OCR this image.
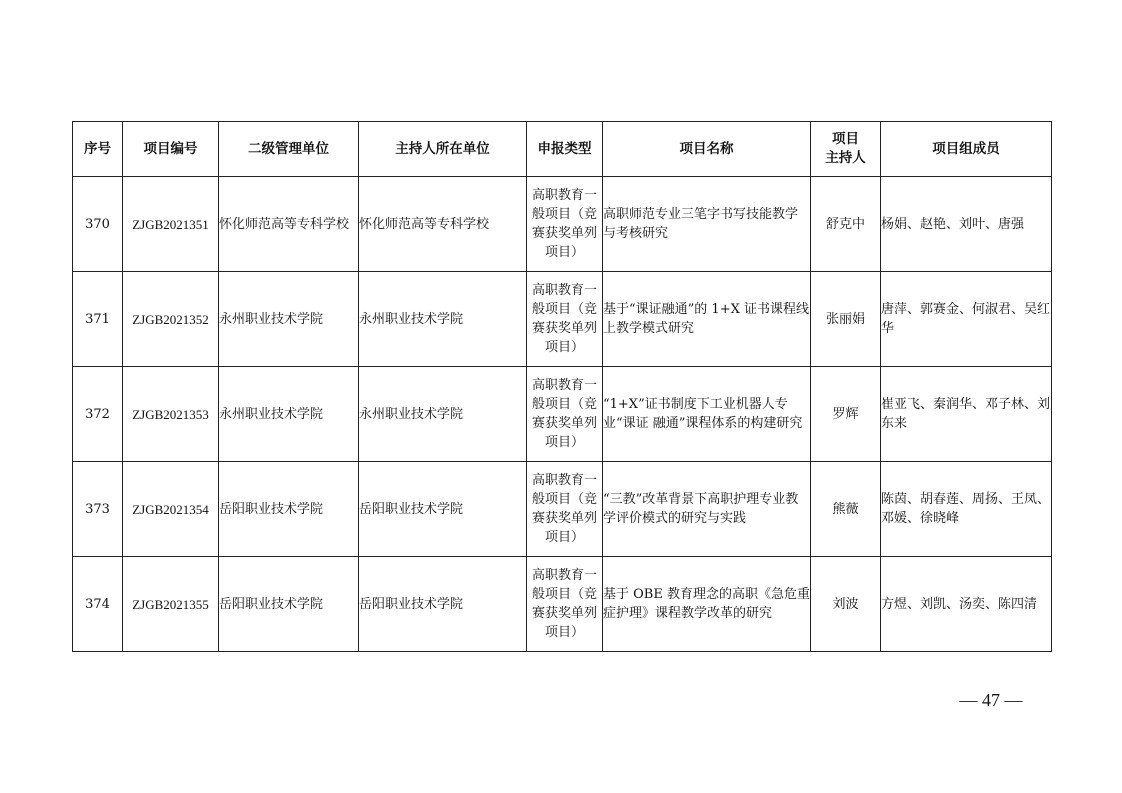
序号	项目编号	二级管理单位	主持人所在单位	申报类型	项目名称	项目
主持人	项目组成员
370	ZJGB2021351	怀化师范高等专科学校	怀化师范高等专科学校	高职教育一般项目（竞赛获奖单列项目）	高职师范专业三笔字书写技能教学与考核研究	舒克中	杨娟、赵艳、刘叶、唐强
371	ZJGB2021352	永州职业技术学院	永州职业技术学院	高职教育一般项目（竞赛获奖单列项目）	基于“课证融通”的 1+X 证书课程线上教学模式研究	张丽娟	唐萍、郭赛金、何淑君、吴红华
372	ZJGB2021353	永州职业技术学院	永州职业技术学院	高职教育一般项目（竞赛获奖单列项目）	“1+X”证书制度下工业机器人专业“课证 融通”课程体系的构建研究	罗辉	崔亚飞、秦润华、邓子林、刘东来
373	ZJGB2021354	岳阳职业技术学院	岳阳职业技术学院	高职教育一般项目（竞赛获奖单列项目）	“三教”改革背景下高职护理专业教学评价模式的研究与实践	熊薇	陈茵、胡春莲、周扬、王凤、邓媛、徐晓峰
374	ZJGB2021355	岳阳职业技术学院	岳阳职业技术学院	高职教育一般项目（竞赛获奖单列项目）	基于 OBE 教育理念的高职《急危重症护理》课程教学改革的研究	刘波	方煜、刘凯、汤奕、陈四清
— 47 —
